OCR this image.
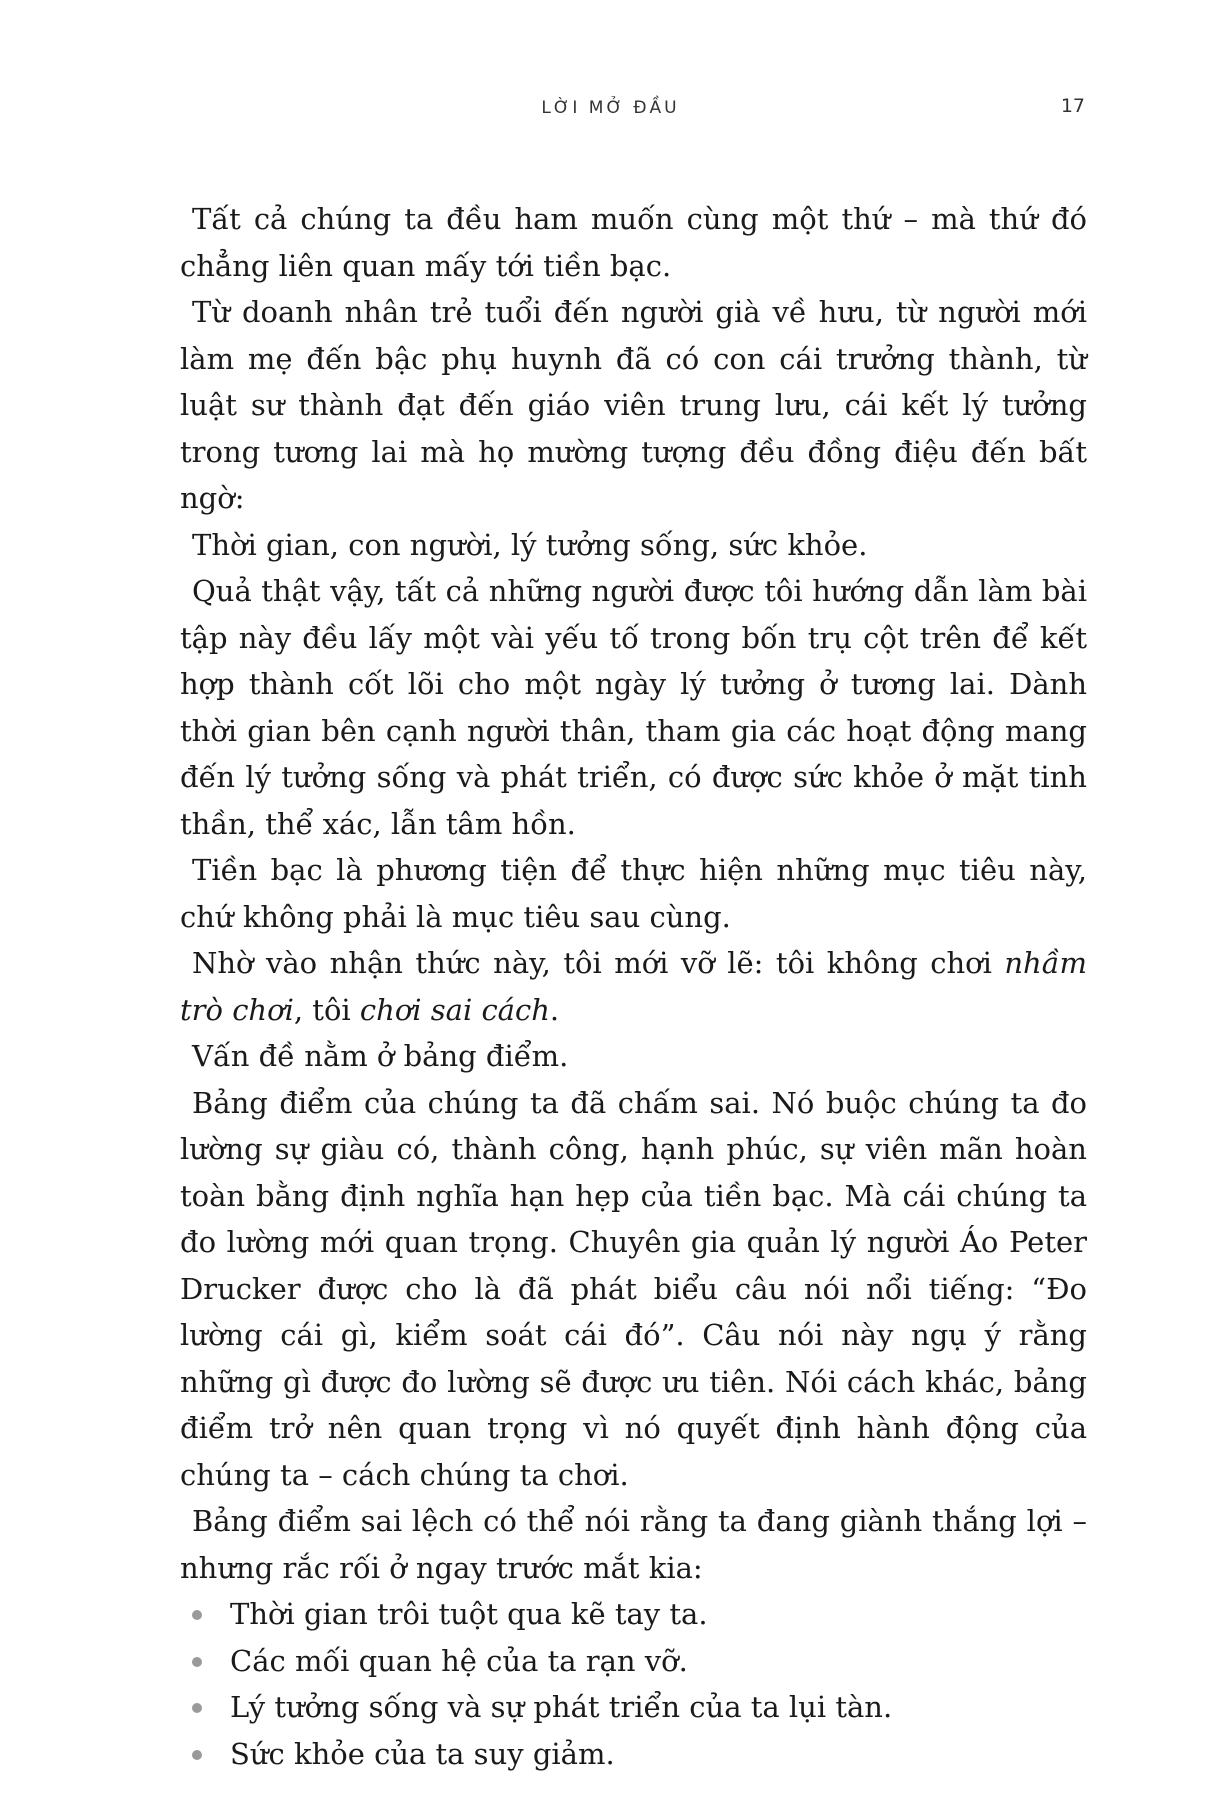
LỜI MỞ ĐẦU	17

Tất cả chúng ta đều ham muốn cùng một thứ – mà thứ đó chẳng liên quan mấy tới tiền bạc.

Từ doanh nhân trẻ tuổi đến người già về hưu, từ người mới làm mẹ đến bậc phụ huynh đã có con cái trưởng thành, từ luật sư thành đạt đến giáo viên trung lưu, cái kết lý tưởng trong tương lai mà họ mường tượng đều đồng điệu đến bất ngờ:

Thời gian, con người, lý tưởng sống, sức khỏe.

Quả thật vậy, tất cả những người được tôi hướng dẫn làm bài tập này đều lấy một vài yếu tố trong bốn trụ cột trên để kết hợp thành cốt lõi cho một ngày lý tưởng ở tương lai. Dành thời gian bên cạnh người thân, tham gia các hoạt động mang đến lý tưởng sống và phát triển, có được sức khỏe ở mặt tinh thần, thể xác, lẫn tâm hồn.

Tiền bạc là phương tiện để thực hiện những mục tiêu này, chứ không phải là mục tiêu sau cùng.

Nhờ vào nhận thức này, tôi mới vỡ lẽ: tôi không chơi nhầm trò chơi, tôi chơi sai cách.

Vấn đề nằm ở bảng điểm.

Bảng điểm của chúng ta đã chấm sai. Nó buộc chúng ta đo lường sự giàu có, thành công, hạnh phúc, sự viên mãn hoàn toàn bằng định nghĩa hạn hẹp của tiền bạc. Mà cái chúng ta đo lường mới quan trọng. Chuyên gia quản lý người Áo Peter Drucker được cho là đã phát biểu câu nói nổi tiếng: “Đo lường cái gì, kiểm soát cái đó”. Câu nói này ngụ ý rằng những gì được đo lường sẽ được ưu tiên. Nói cách khác, bảng điểm trở nên quan trọng vì nó quyết định hành động của chúng ta – cách chúng ta chơi.

Bảng điểm sai lệch có thể nói rằng ta đang giành thắng lợi – nhưng rắc rối ở ngay trước mắt kia:

Thời gian trôi tuột qua kẽ tay ta.
Các mối quan hệ của ta rạn vỡ.
Lý tưởng sống và sự phát triển của ta lụi tàn.
Sức khỏe của ta suy giảm.
